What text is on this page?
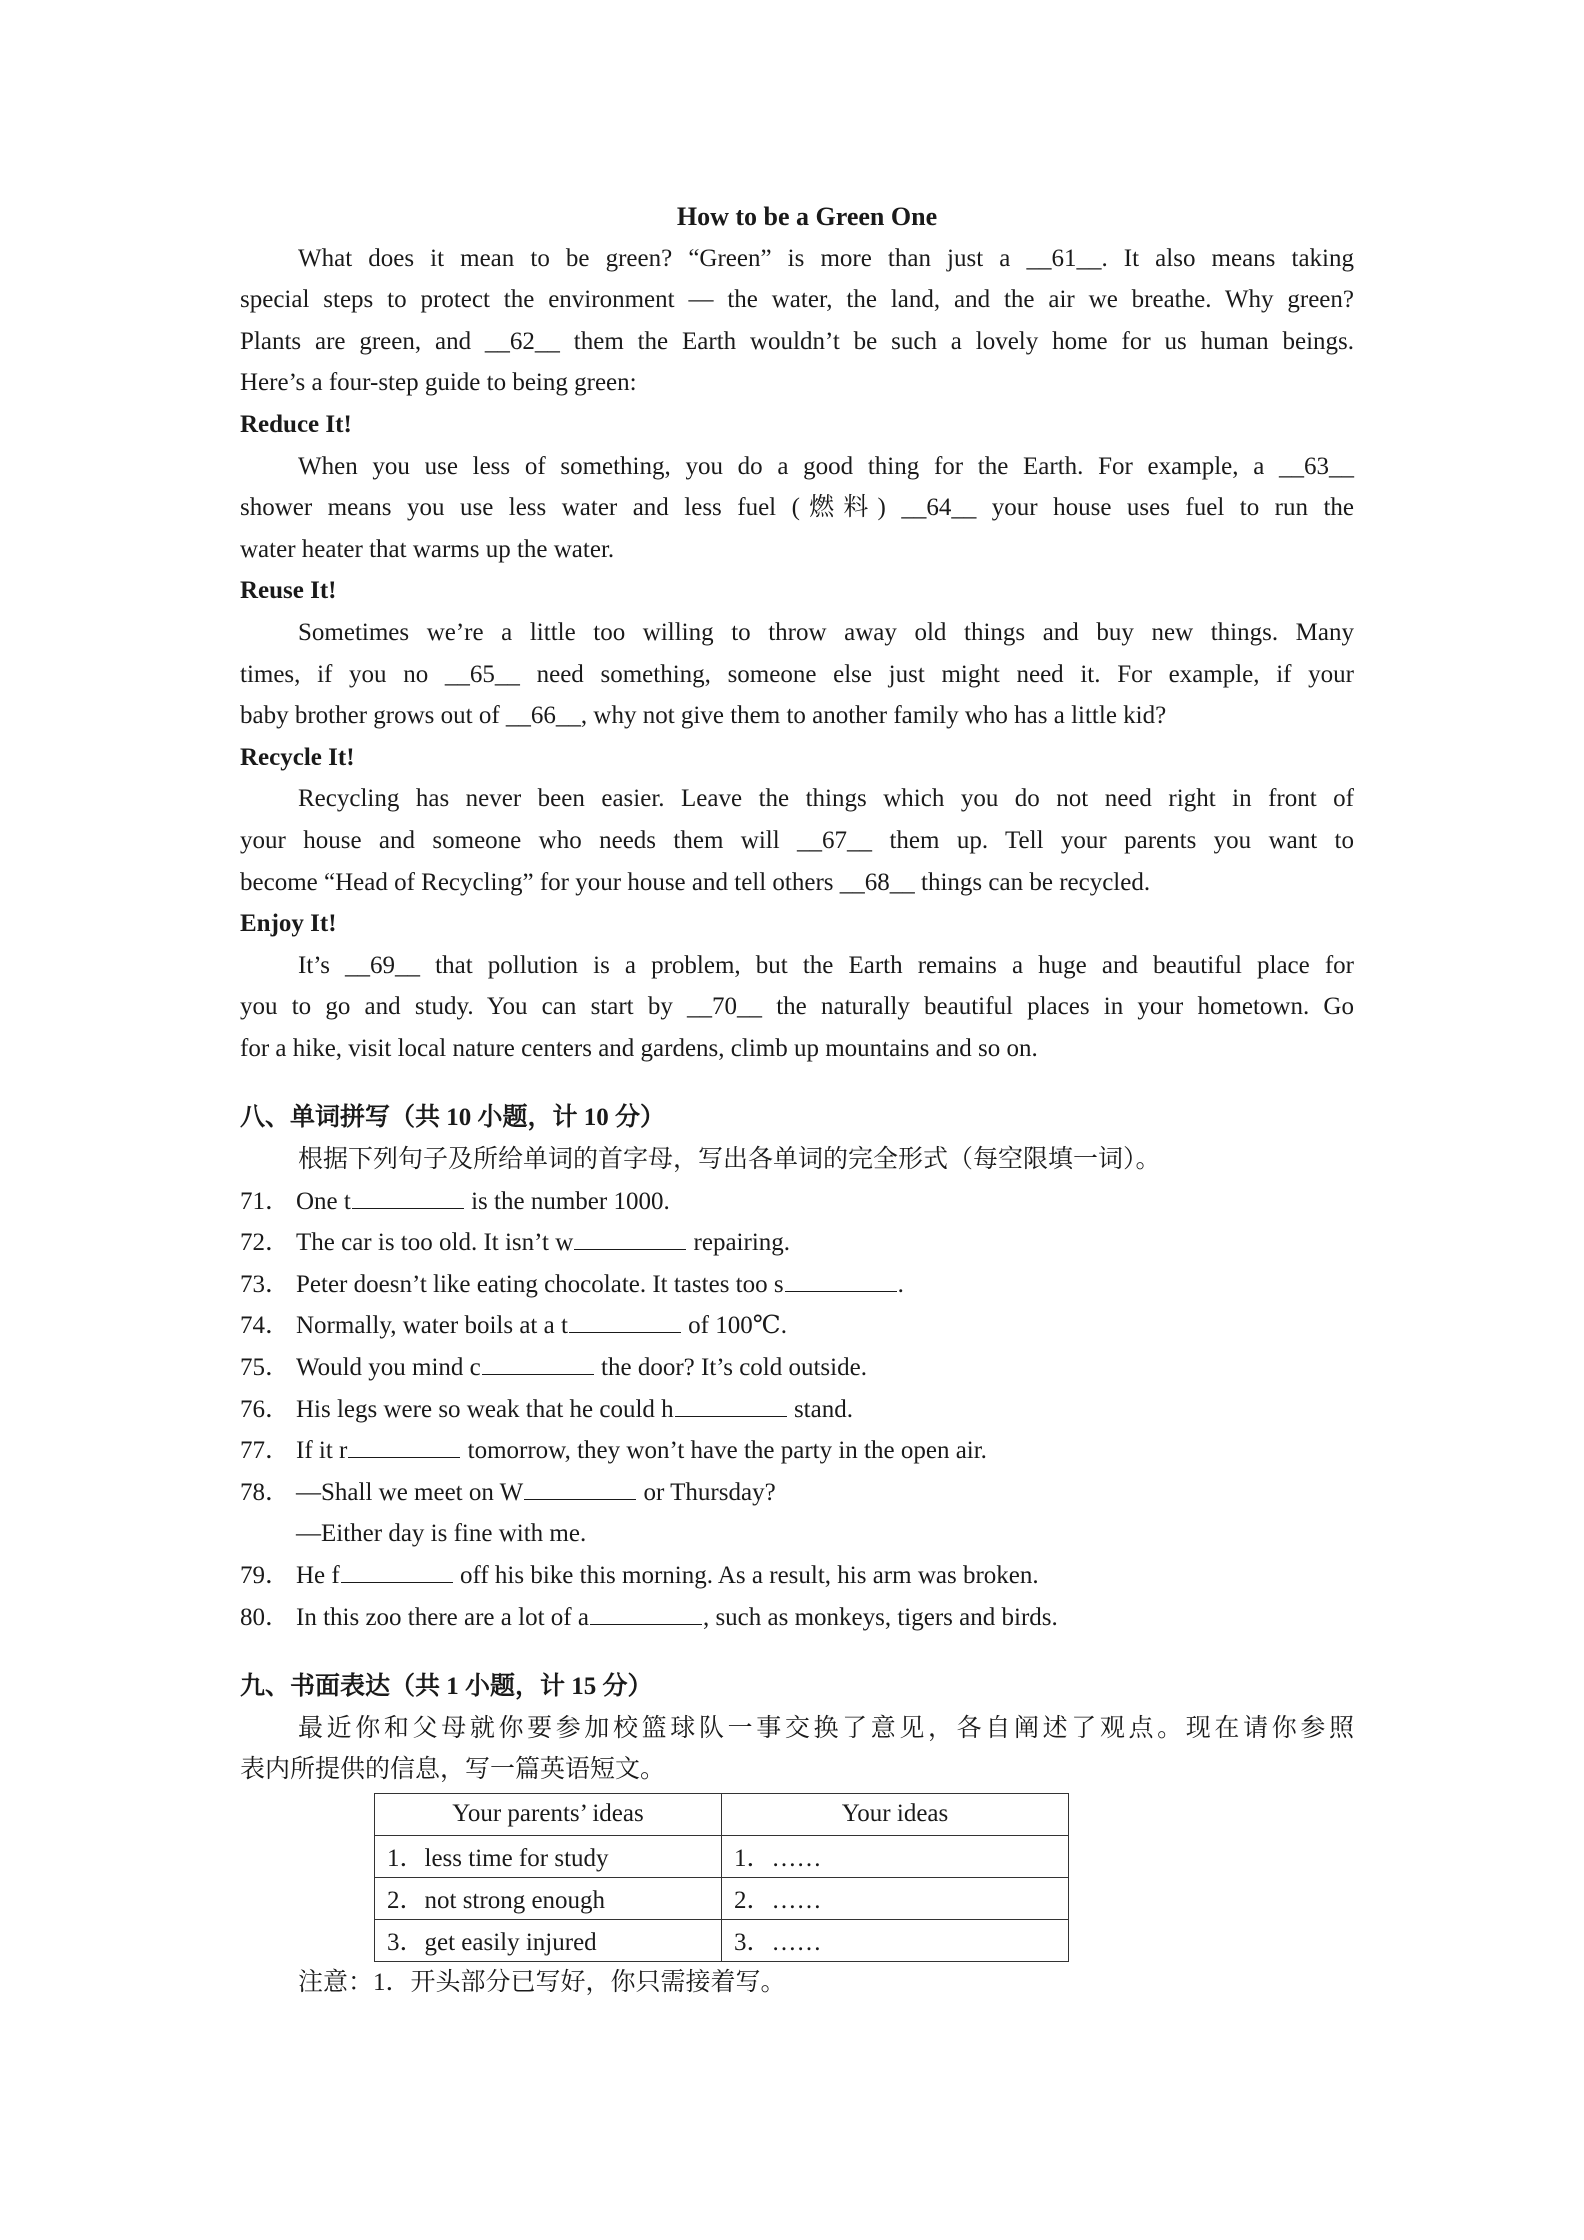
How to be a Green One
What does it mean to be green? “Green” is more than just a __61__. It also means taking
special steps to protect the environment — the water, the land, and the air we breathe. Why green?
Plants are green, and __62__ them the Earth wouldn’t be such a lovely home for us human beings.
Here’s a four-step guide to being green:
Reduce It!
When you use less of something, you do a good thing for the Earth. For example, a __63__
shower means you use less water and less fuel (燃料) __64__ your house uses fuel to run the
water heater that warms up the water.
Reuse It!
Sometimes we’re a little too willing to throw away old things and buy new things. Many
times, if you no __65__ need something, someone else just might need it. For example, if your
baby brother grows out of __66__, why not give them to another family who has a little kid?
Recycle It!
Recycling has never been easier. Leave the things which you do not need right in front of
your house and someone who needs them will __67__ them up. Tell your parents you want to
become “Head of Recycling” for your house and tell others __68__ things can be recycled.
Enjoy It!
It’s __69__ that pollution is a problem, but the Earth remains a huge and beautiful place for
you to go and study. You can start by __70__ the naturally beautiful places in your hometown. Go
for a hike, visit local nature centers and gardens, climb up mountains and so on.
八、单词拼写（共 10 小题，计 10 分）
根据下列句子及所给单词的首字母，写出各单词的完全形式（每空限填一词）。
71． One t	is the number 1000.
72． The car is too old. It isn’t w	repairing.
73． Peter doesn’t like eating chocolate. It tastes too s	.
74． Normally, water boils at a t	of 100℃.
75． Would you mind c	the door? It’s cold outside.
76． His legs were so weak that he could h	stand.
77． If it r	tomorrow, they won’t have the party in the open air.
78． —Shall we meet on W	or Thursday?
—Either day is fine with me.
79． He f	off his bike this morning. As a result, his arm was broken.
80． In this zoo there are a lot of a	, such as monkeys, tigers and birds.
九、书面表达（共 1 小题，计 15 分）
最近你和父母就你要参加校篮球队一事交换了意见，各自阐述了观点。现在请你参照
表内所提供的信息，写一篇英语短文。
Your parents’ ideas	Your ideas
1．less time for study	1．……
2．not strong enough	2．……
3．get easily injured	3．……
注意：1．开头部分已写好，你只需接着写。
